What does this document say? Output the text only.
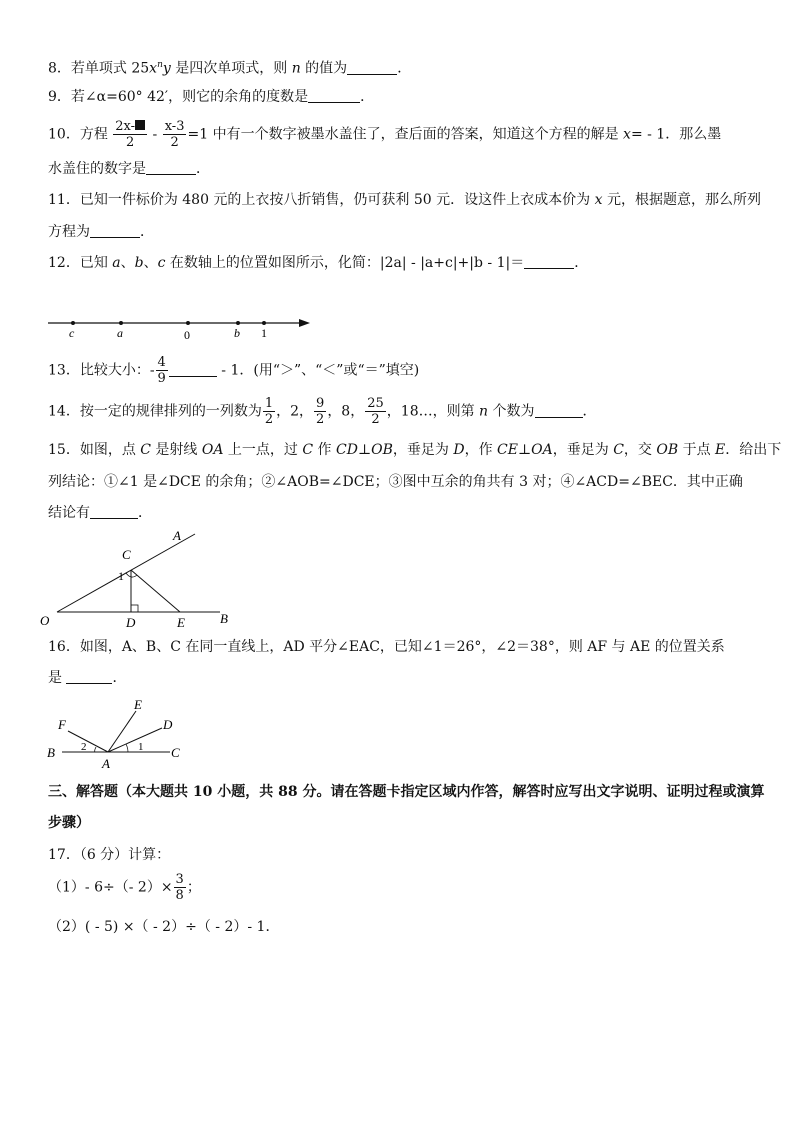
8．若单项式 $25x^ny$ 是四次单项式，则 n 的值为	．
9．若∠α=60° 42′，则它的余角的度数是	．
10．方程 $\frac{2x-}{2} - \frac{x-3}{2} =1$ 中有一个数字被墨水盖住了，查后面的答案，知道这个方程的解是 x= - 1．那么墨
水盖住的数字是	．
11．已知一件标价为 480 元的上衣按八折销售，仍可获利 50 元．设这件上衣成本价为 x 元，根据题意，那么所列
方程为	．
12．已知 a、b、c 在数轴上的位置如图所示，化简：|2a| - |a+c|+|b - 1|＝	．
c	a	0	b 1
13．比较大小：- $\frac{4}{9}$	- 1．(用“＞”、“＜”或“＝”填空)
14．按一定的规律排列的一列数为 $\frac{1}{2}$ ，2， $\frac{9}{2}$ ，8， $\frac{25}{2}$ ，18…，则第 n 个数为	．
15．如图，点 C 是射线 OA 上一点，过 C 作 CD⊥OB，垂足为 D，作 CE⊥OA，垂足为 C，交 OB 于点 E．给出下
列结论：①∠1 是∠DCE 的余角；②∠AOB=∠DCE；③图中互余的角共有 3 对；④∠ACD=∠BEC．其中正确
结论有	．
O
A
B
C
D	E
1
16．如图，A、B、C 在同一直线上，AD 平分∠EAC，已知∠1＝26°，∠2＝38°，则 AF 与 AE 的位置关系
是	．
F
E
D
B
A
C
2	1
三、解答题（本大题共 10 小题，共 88 分。请在答题卡指定区域内作答，解答时应写出文字说明、证明过程或演算
步骤）
17．（6 分）计算：
（1）- 6÷（- $2)\times \frac{3}{8}$ ；
（2）( - 5) ×（ - 2）÷（ - 2）- 1．
